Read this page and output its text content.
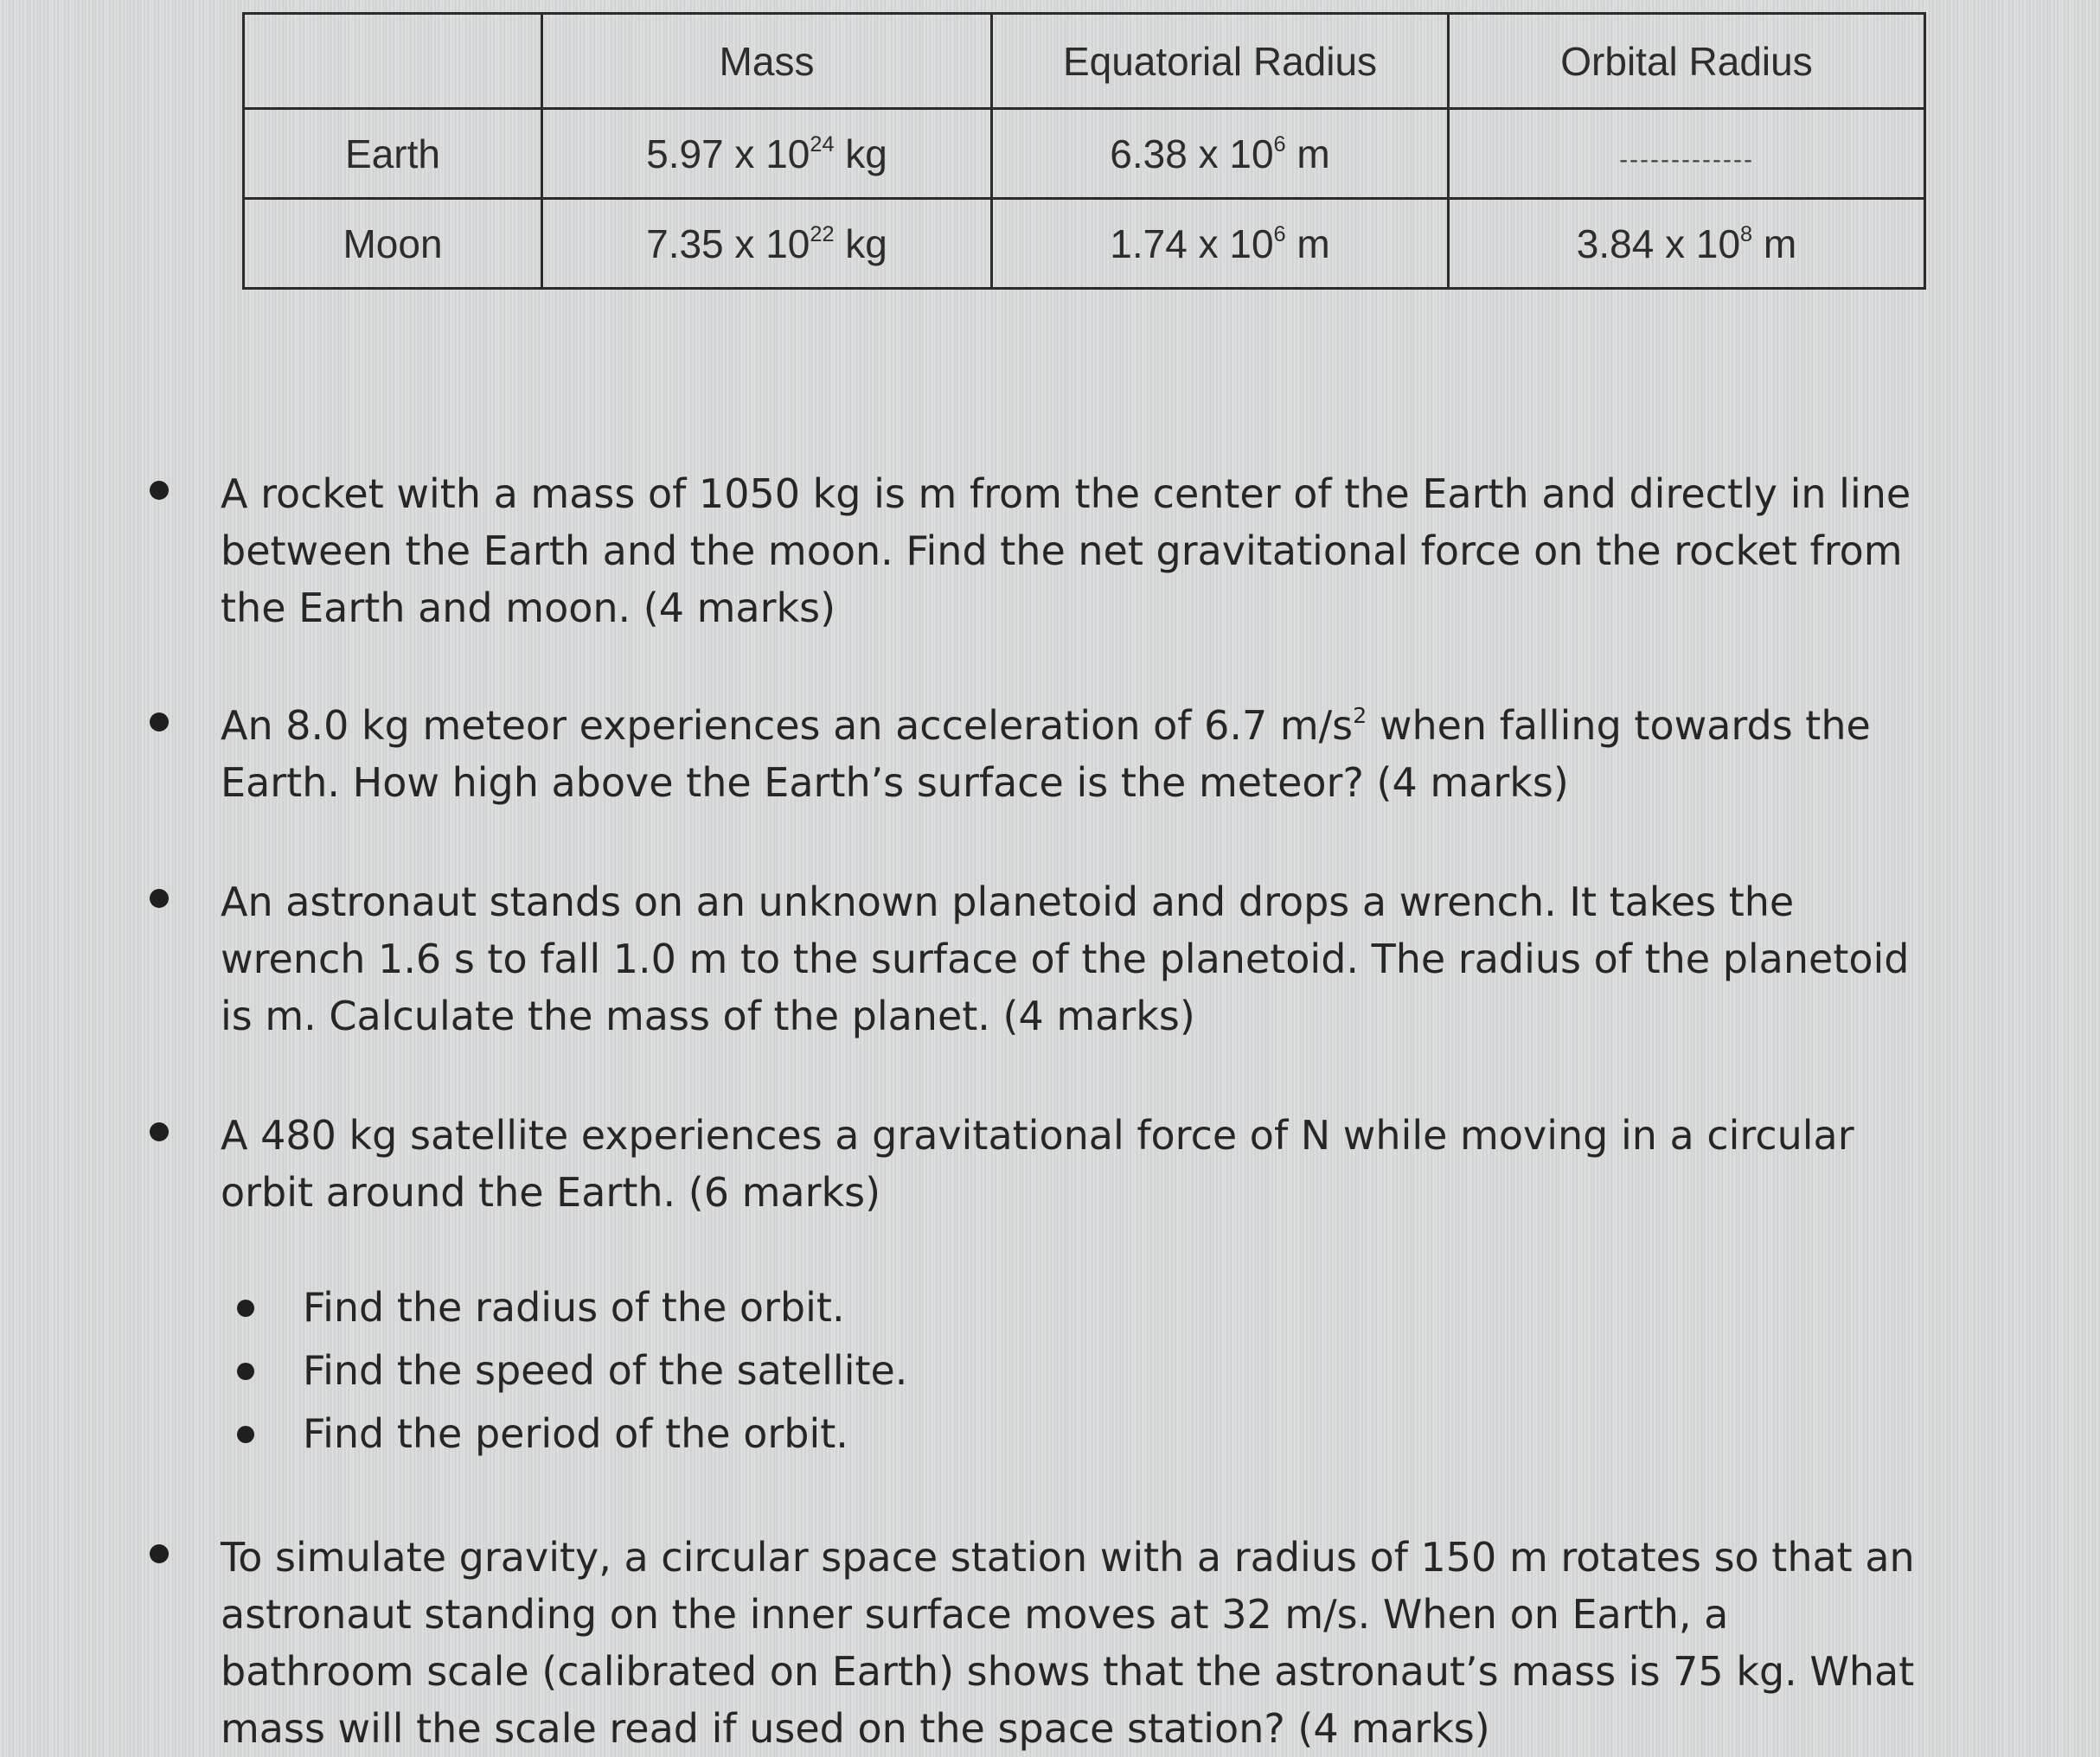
	Mass	Equatorial Radius	Orbital Radius
Earth	5.97 x $10^{24}$ kg	6.38 x $10^6$ m	-------------
Moon	7.35 x $10^{22}$ kg	1.74 x $10^6$ m	3.84 x $10^8$ m
A rocket with a mass of 1050 kg is m from the center of the Earth and directly in line between the Earth and the moon. Find the net gravitational force on the rocket from the Earth and moon. (4 marks)
An 8.0 kg meteor experiences an acceleration of 6.7 $m/s^2$ when falling towards the Earth. How high above the Earth’s surface is the meteor? (4 marks)
An astronaut stands on an unknown planetoid and drops a wrench. It takes the wrench 1.6 s to fall 1.0 m to the surface of the planetoid. The radius of the planetoid is m. Calculate the mass of the planet. (4 marks)
A 480 kg satellite experiences a gravitational force of N while moving in a circular orbit around the Earth. (6 marks)
Find the radius of the orbit.
Find the speed of the satellite.
Find the period of the orbit.
To simulate gravity, a circular space station with a radius of 150 m rotates so that an astronaut standing on the inner surface moves at 32 m/s. When on Earth, a bathroom scale (calibrated on Earth) shows that the astronaut’s mass is 75 kg. What mass will the scale read if used on the space station? (4 marks)
